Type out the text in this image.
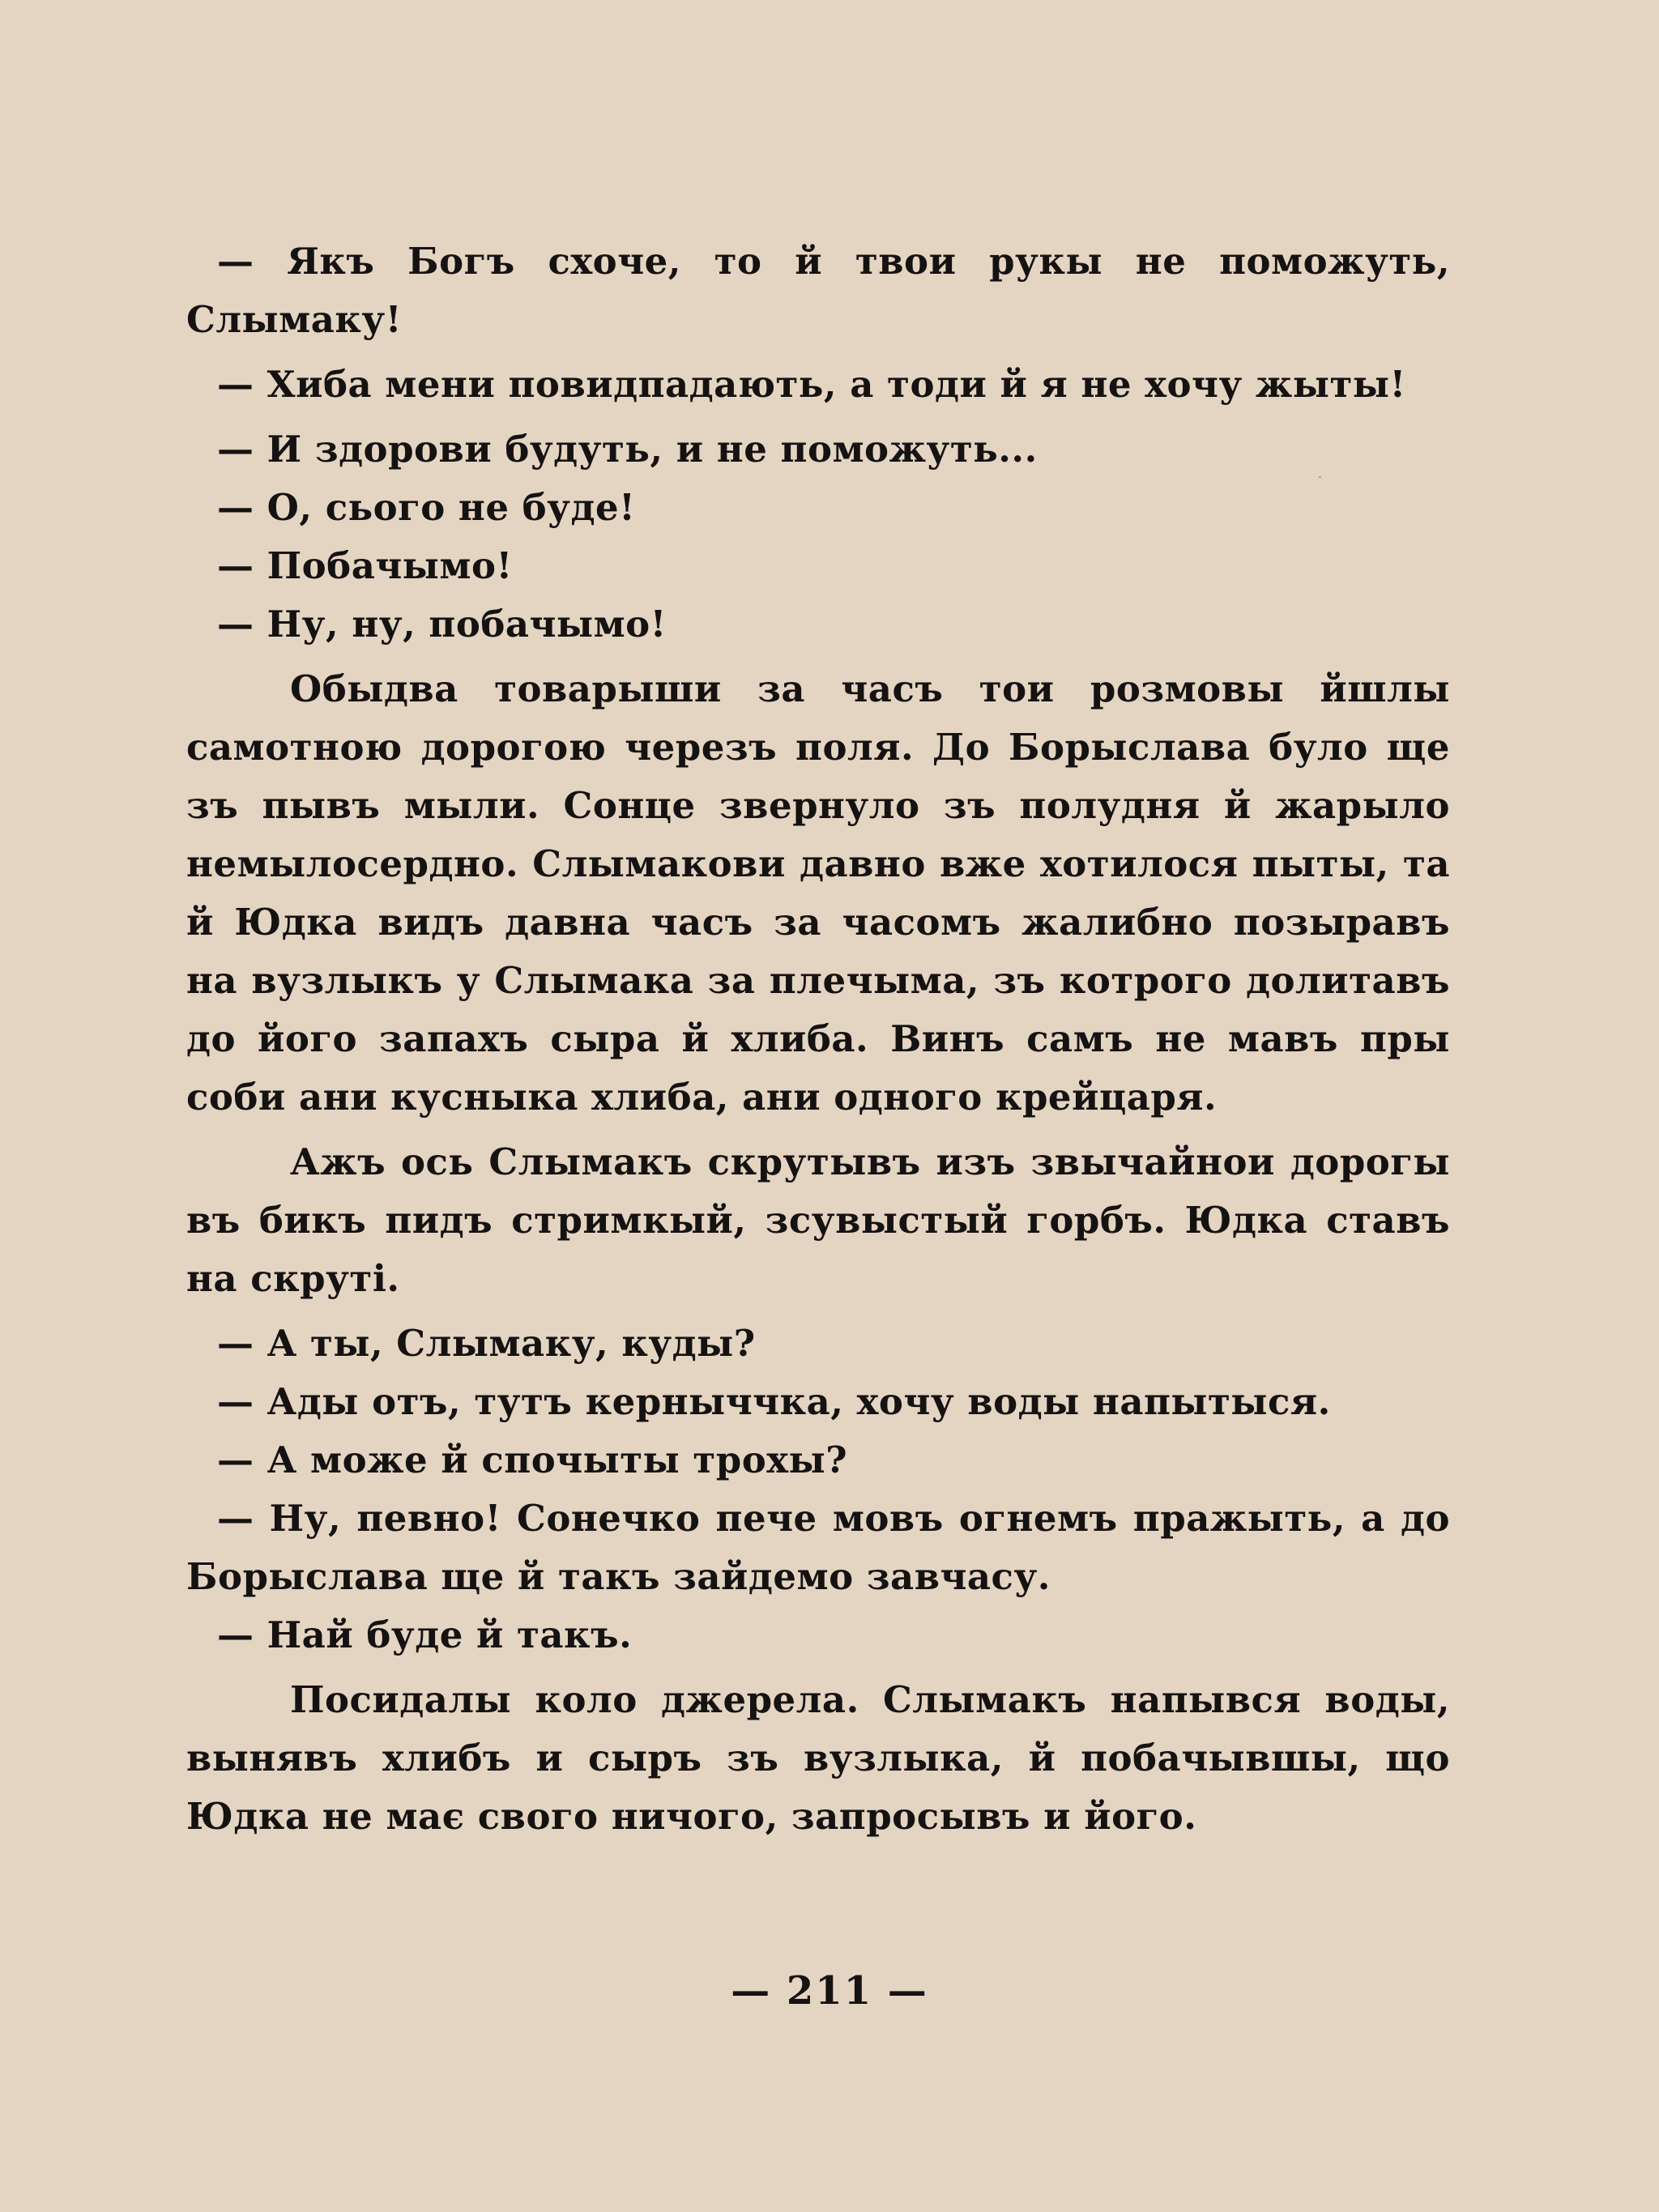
— Якъ Богъ схоче, то й твои рукы не поможуть, Слымаку!

— Хиба мени повидпадають, а тоди й я не хочу жыты!

— И здорови будуть, и не поможуть...

— О, сього не буде!

— Побачымо!

— Ну, ну, побачымо!

Обыдва товарыши за часъ тои розмовы йшлы самотною дорогою черезъ поля. До Борыслава було ще зъ пывъ мыли. Сонце звернуло зъ полудня й жарыло немылосердно. Слымакови давно вже хотилося пыты, та й Юдка видъ давна часъ за часомъ жалибно позыравъ на вузлыкъ у Слымака за плечыма, зъ котрого долитавъ до його запахъ сыра й хлиба. Винъ самъ не мавъ пры соби ани кусныка хлиба, ани одного крейцаря.

Ажъ ось Слымакъ скрутывъ изъ звычайнои дорогы въ бикъ пидъ стримкый, зсувыстый горбъ. Юдка ставъ на скруті.

— А ты, Слымаку, куды?

— Ады отъ, тутъ керныччка, хочу воды напытыся.

— А може й спочыты трохы?

— Ну, певно! Сонечко пече мовъ огнемъ пражыть, а до Борыслава ще й такъ зайдемо завчасу.

— Най буде й такъ.

Посидалы коло джерела. Слымакъ напывся воды, вынявъ хлибъ и сыръ зъ вузлыка, й побачывшы, що Юдка не має свого ничого, запросывъ и його.

— 211 —
